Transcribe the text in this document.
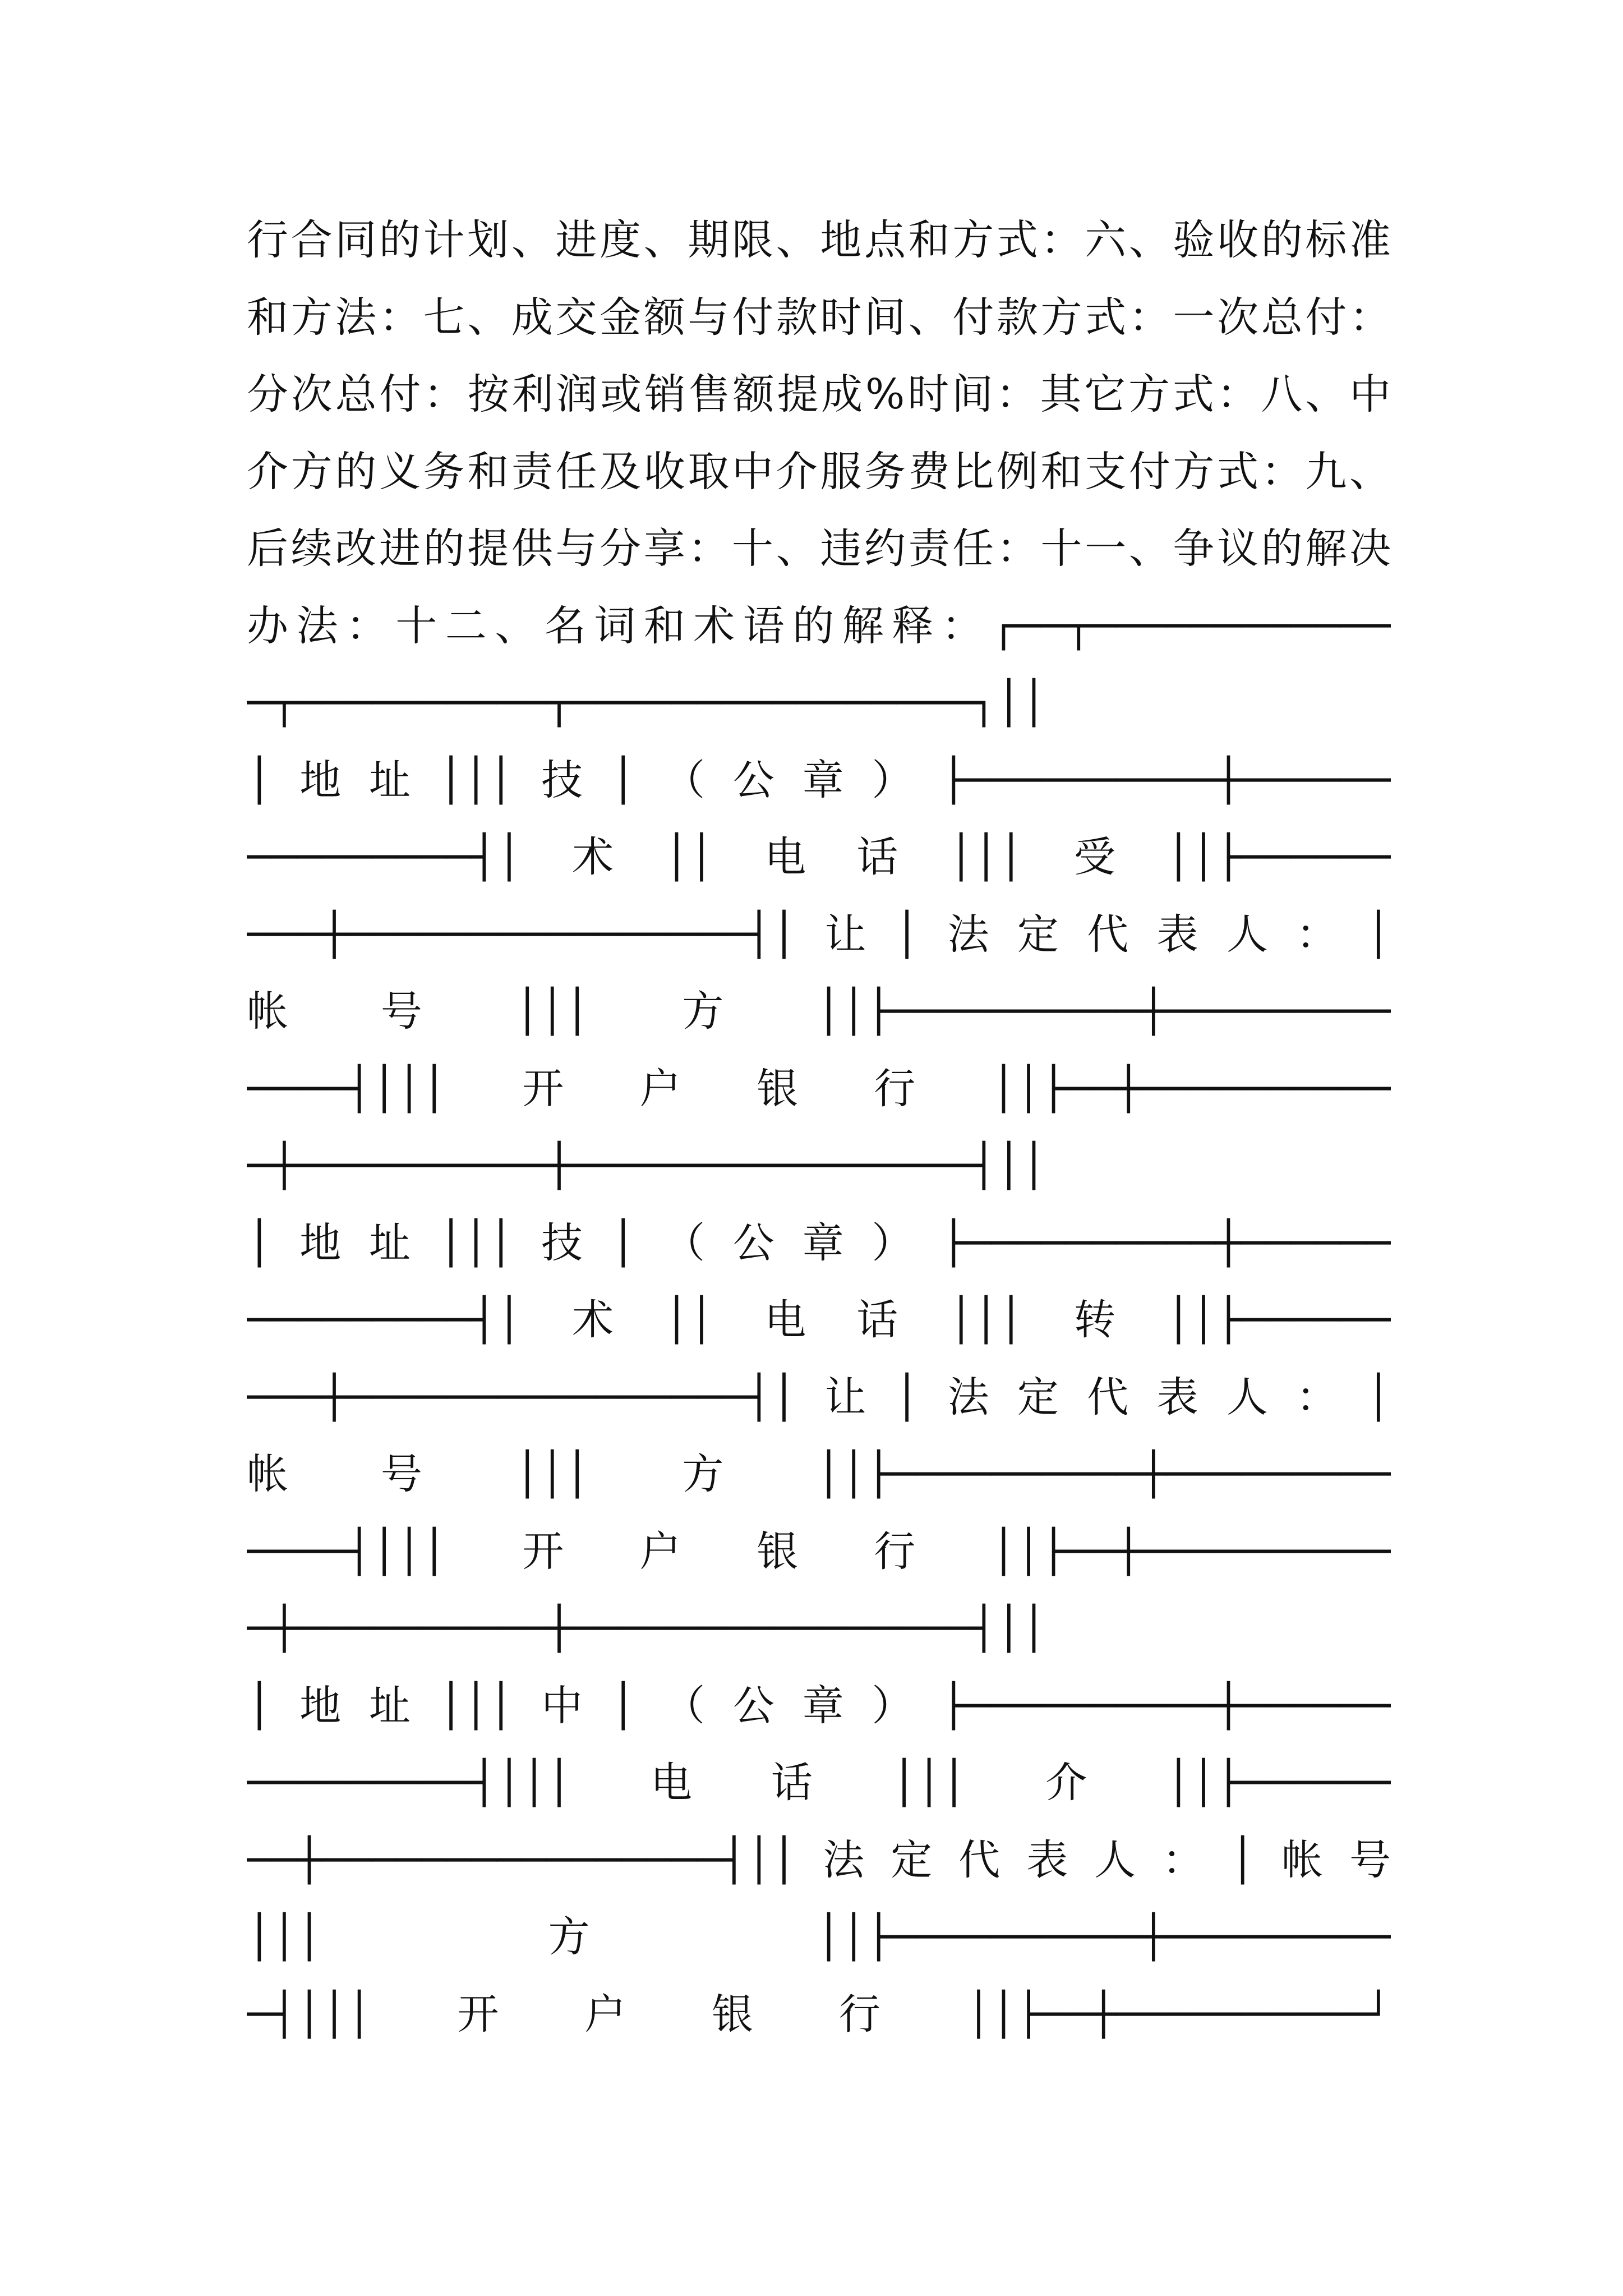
行合同的计划、进度、期限、地点和方式：六、验收的标准
和方法：七、成交金额与付款时间、付款方式：一次总付：
分次总付：按利润或销售额提成%时间：其它方式：八、中
介方的义务和责任及收取中介服务费比例和支付方式：九、
后续改进的提供与分享：十、违约责任：十一、争议的解决
办法：十二、名词和术语的解释：┌──┬────────────
─┬──────────┬────────────────┐││
│地址│││技│（公章）├──────────┼──────
─────────┤│术││电话│││受││├──────
───┼────────────────┤│让│法定代表人：│
帐号│││方││├──────────┼─────────
────┤│││开户银行││├──┼──────────
─┼──────────┼────────────────┤││
│地址│││技│（公章）├──────────┼──────
─────────┤│术││电话│││转││├──────
───┼────────────────┤│让│法定代表人：│
帐号│││方││├──────────┼─────────
────┤│││开户银行││├──┼──────────
─┼──────────┼────────────────┤││
│地址│││中│（公章）├──────────┼──────
─────────┤│││电话│││介││├──────
──┼────────────────┤││法定代表人：│帐号
│││方││├──────────┼─────────
─┤│││开户银行││├──┼──────────┘
